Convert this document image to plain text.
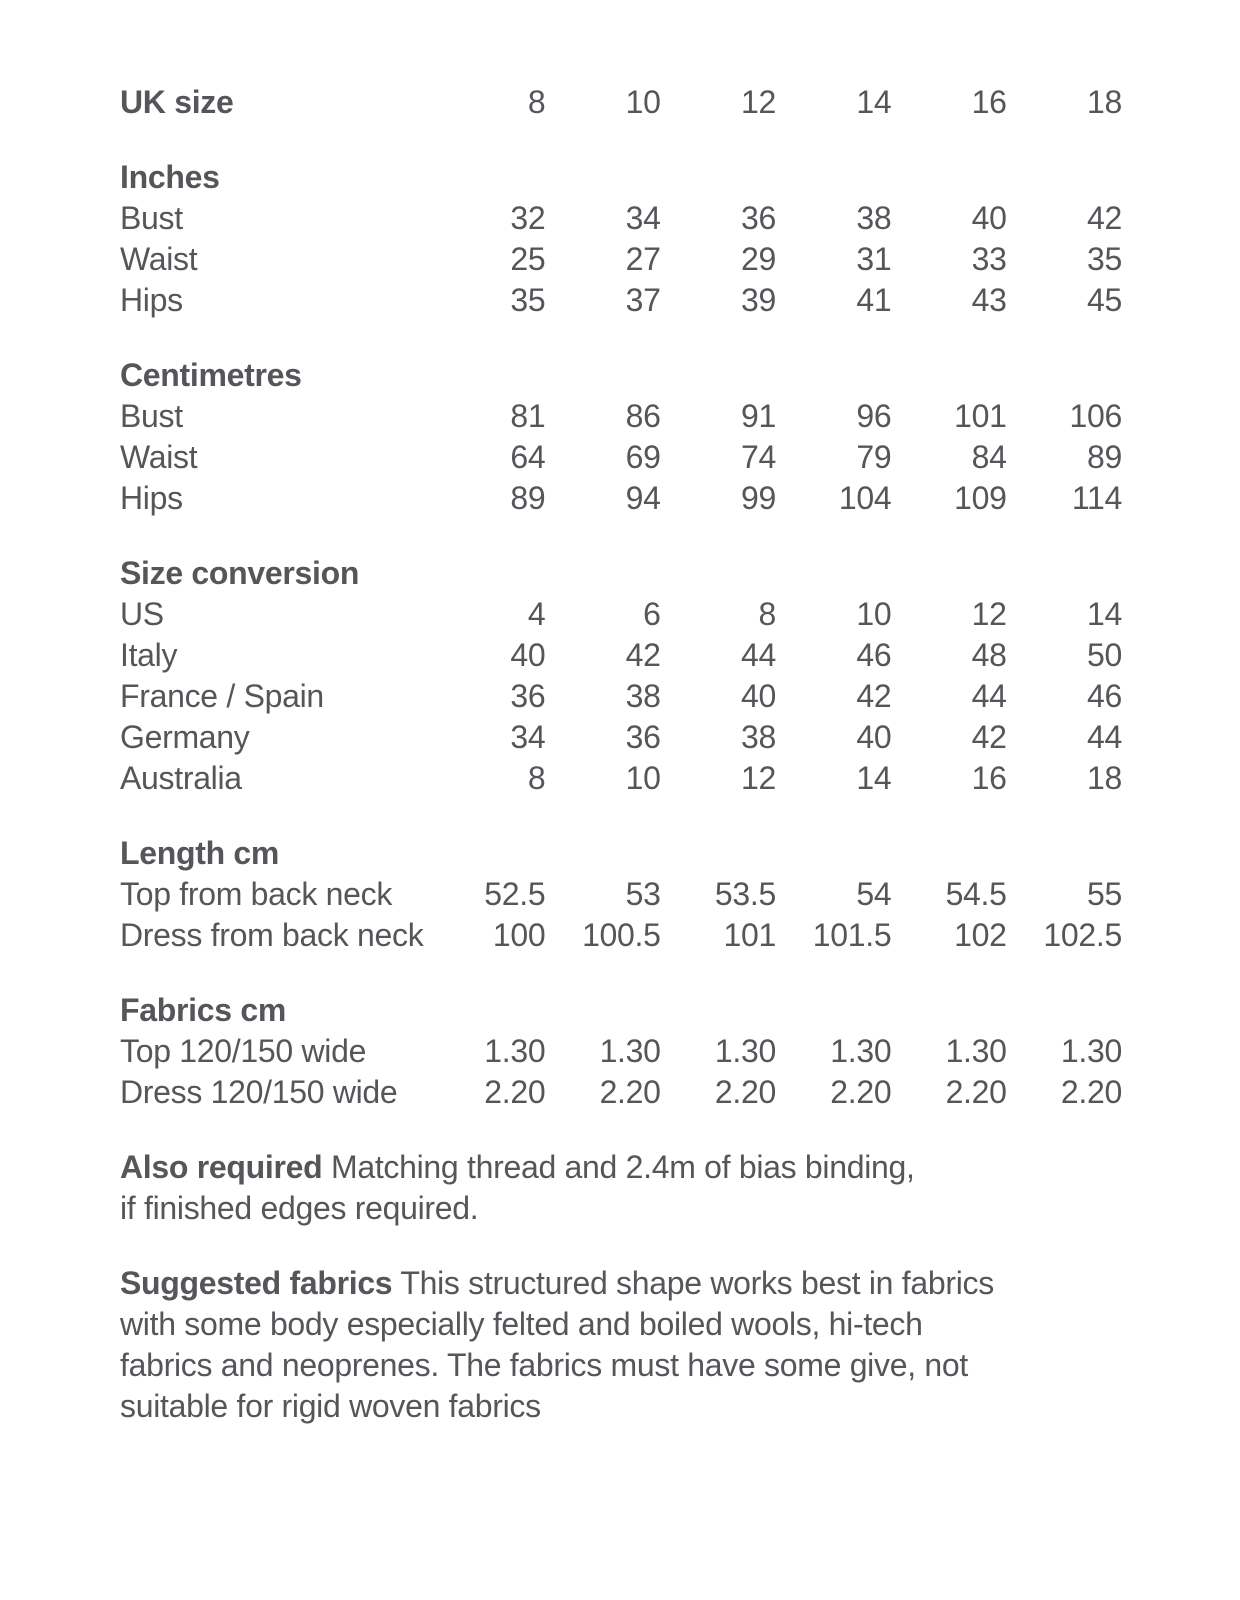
UK size	8	10	12	14	16	18
Inches
Bust	32	34	36	38	40	42
Waist	25	27	29	31	33	35
Hips	35	37	39	41	43	45
Centimetres
Bust	81	86	91	96	101	106
Waist	64	69	74	79	84	89
Hips	89	94	99	104	109	114
Size conversion
US	4	6	8	10	12	14
Italy	40	42	44	46	48	50
France / Spain	36	38	40	42	44	46
Germany	34	36	38	40	42	44
Australia	8	10	12	14	16	18
Length cm
Top from back neck	52.5	53	53.5	54	54.5	55
Dress from back neck	100	100.5	101	101.5	102	102.5
Fabrics cm
Top 120/150 wide	1.30	1.30	1.30	1.30	1.30	1.30
Dress 120/150 wide	2.20	2.20	2.20	2.20	2.20	2.20
Also required Matching thread and 2.4m of bias binding,
if finished edges required.
Suggested fabrics This structured shape works best in fabrics
with some body especially felted and boiled wools, hi-tech
fabrics and neoprenes. The fabrics must have some give, not
suitable for rigid woven fabrics
